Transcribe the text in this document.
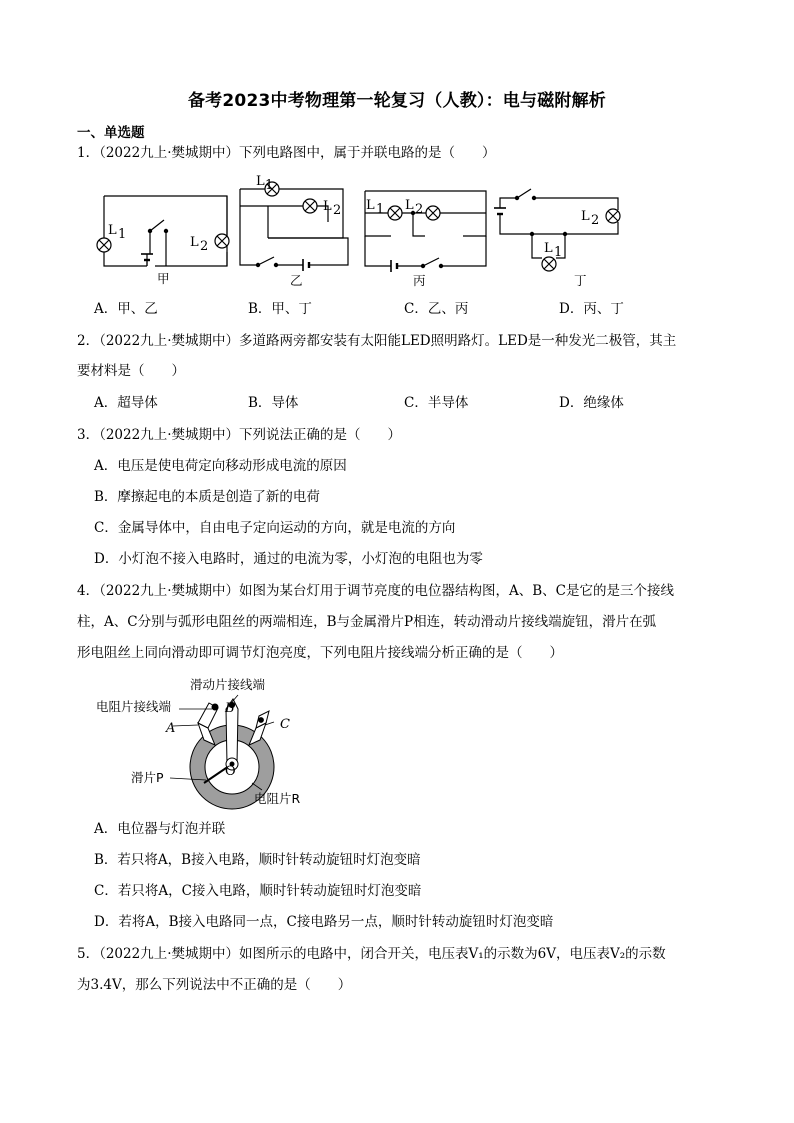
备考2023中考物理第一轮复习（人教）：电与磁附解析
一、单选题
1．（2022九上·樊城期中）下列电路图中，属于并联电路的是（　　）
L 1
L 2
甲
L 1
L 2
乙
L 1 L 2
丙
L 2
L 1
丁
A．甲、乙	B．甲、丁	C．乙、丙	D．丙、丁
2．（2022九上·樊城期中）多道路两旁都安装有太阳能LED照明路灯。LED是一种发光二极管，其主
要材料是（　　）
A．超导体	B．导体	C．半导体	D．绝缘体
3．（2022九上·樊城期中）下列说法正确的是（　　）
A．电压是使电荷定向移动形成电流的原因
B．摩擦起电的本质是创造了新的电荷
C．金属导体中，自由电子定向运动的方向，就是电流的方向
D．小灯泡不接入电路时，通过的电流为零，小灯泡的电阻也为零
4．（2022九上·樊城期中）如图为某台灯用于调节亮度的电位器结构图，A、B、C是它的是三个接线
柱，A、C分别与弧形电阻丝的两端相连，B与金属滑片P相连，转动滑动片接线端旋钮，滑片在弧
形电阻丝上同向滑动即可调节灯泡亮度，下列电阻片接线端分析正确的是（　　）
滑动片接线端
电阻片接线端	B
A	C
O
滑片P
电阻片R
A．电位器与灯泡并联
B．若只将A，B接入电路，顺时针转动旋钮时灯泡变暗
C．若只将A，C接入电路，顺时针转动旋钮时灯泡变暗
D．若将A，B接入电路同一点，C接电路另一点，顺时针转动旋钮时灯泡变暗
5．（2022九上·樊城期中）如图所示的电路中，闭合开关，电压表V₁的示数为6V，电压表V₂的示数
为3.4V，那么下列说法中不正确的是（　　）
